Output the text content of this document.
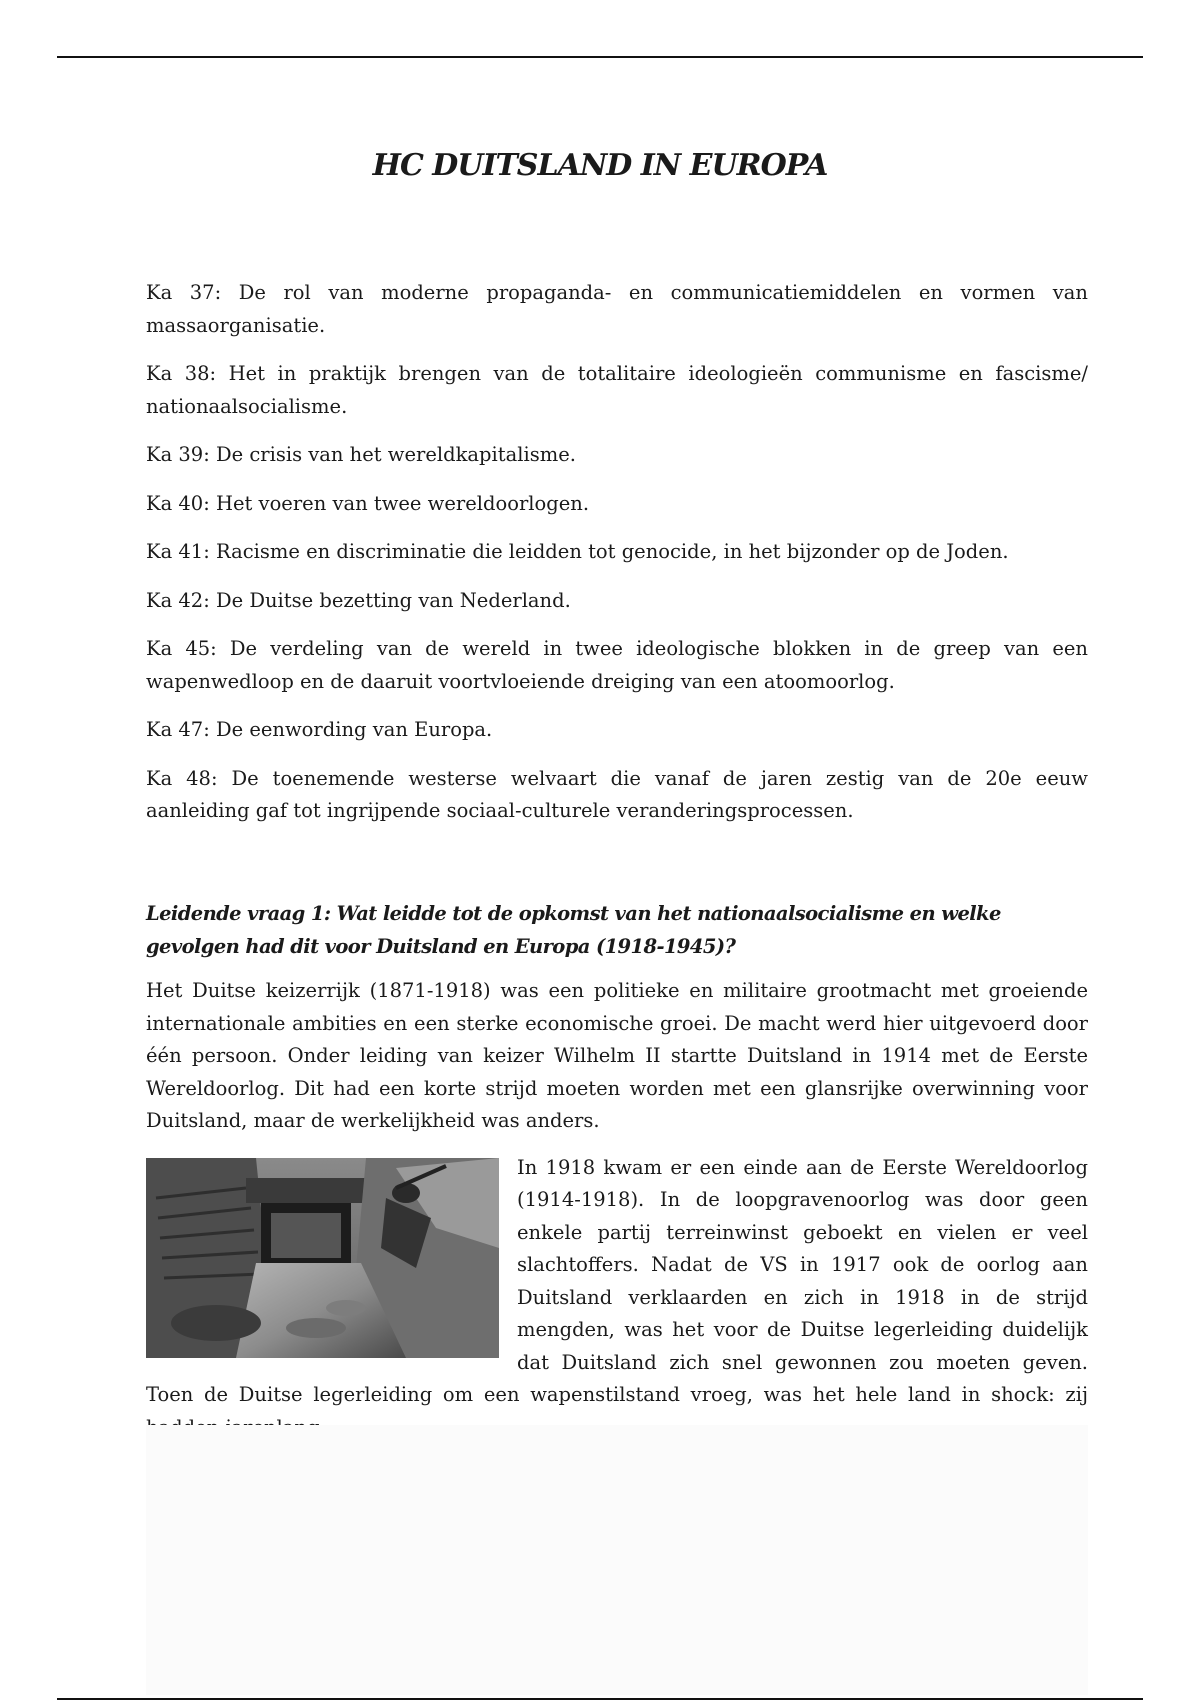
HC DUITSLAND IN EUROPA

Ka 37: De rol van moderne propaganda- en communicatiemiddelen en vormen van massaorganisatie.

Ka 38: Het in praktijk brengen van de totalitaire ideologieën communisme en fascisme/ nationaalsocialisme.

Ka 39: De crisis van het wereldkapitalisme.

Ka 40: Het voeren van twee wereldoorlogen.

Ka 41: Racisme en discriminatie die leidden tot genocide, in het bijzonder op de Joden.

Ka 42: De Duitse bezetting van Nederland.

Ka 45: De verdeling van de wereld in twee ideologische blokken in de greep van een wapenwedloop en de daaruit voortvloeiende dreiging van een atoomoorlog.

Ka 47: De eenwording van Europa.

Ka 48: De toenemende westerse welvaart die vanaf de jaren zestig van de 20e eeuw aanleiding gaf tot ingrijpende sociaal-culturele veranderingsprocessen.

Leidende vraag 1: Wat leidde tot de opkomst van het nationaalsocialisme en welke gevolgen had dit voor Duitsland en Europa (1918-1945)?

Het Duitse keizerrijk (1871-1918) was een politieke en militaire grootmacht met groeiende internationale ambities en een sterke economische groei. De macht werd hier uitgevoerd door één persoon. Onder leiding van keizer Wilhelm II startte Duitsland in 1914 met de Eerste Wereldoorlog. Dit had een korte strijd moeten worden met een glansrijke overwinning voor Duitsland, maar de werkelijkheid was anders.

In 1918 kwam er een einde aan de Eerste Wereldoorlog (1914-1918). In de loopgravenoorlog was door geen enkele partij terreinwinst geboekt en vielen er veel slachtoffers. Nadat de VS in 1917 ook de oorlog aan Duitsland verklaarden en zich in 1918 in de strijd mengden, was het voor de Duitse legerleiding duidelijk dat Duitsland zich snel gewonnen zou moeten geven. Toen de Duitse legerleiding om een wapenstilstand vroeg, was het hele land in shock: zij
